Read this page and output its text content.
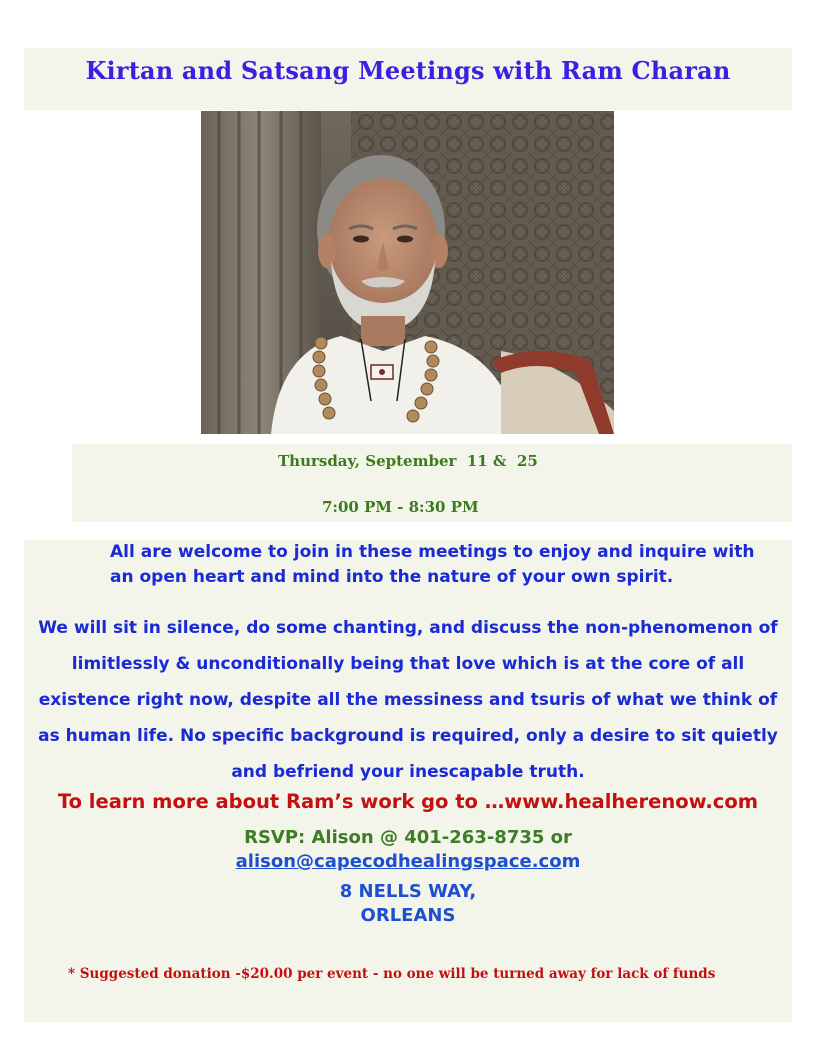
Kirtan and Satsang Meetings with Ram Charan
Thursday, September  11 &  25
7:00 PM - 8:30 PM
All are welcome to join in these meetings to enjoy and inquire with an open heart and mind into the nature of your own spirit.
We will sit in silence, do some chanting, and discuss the non-phenomenon of limitlessly & unconditionally being that love which is at the core of all existence right now, despite all the messiness and tsuris of what we think of as human life. No specific background is required, only a desire to sit quietly and befriend your inescapable truth.
To learn more about Ram’s work go to …www.healherenow.com
RSVP: Alison @ 401-263-8735 or
alison@capecodhealingspace.com
8 NELLS WAY,
ORLEANS
* Suggested donation -$20.00 per event - no one will be turned away for lack of funds
